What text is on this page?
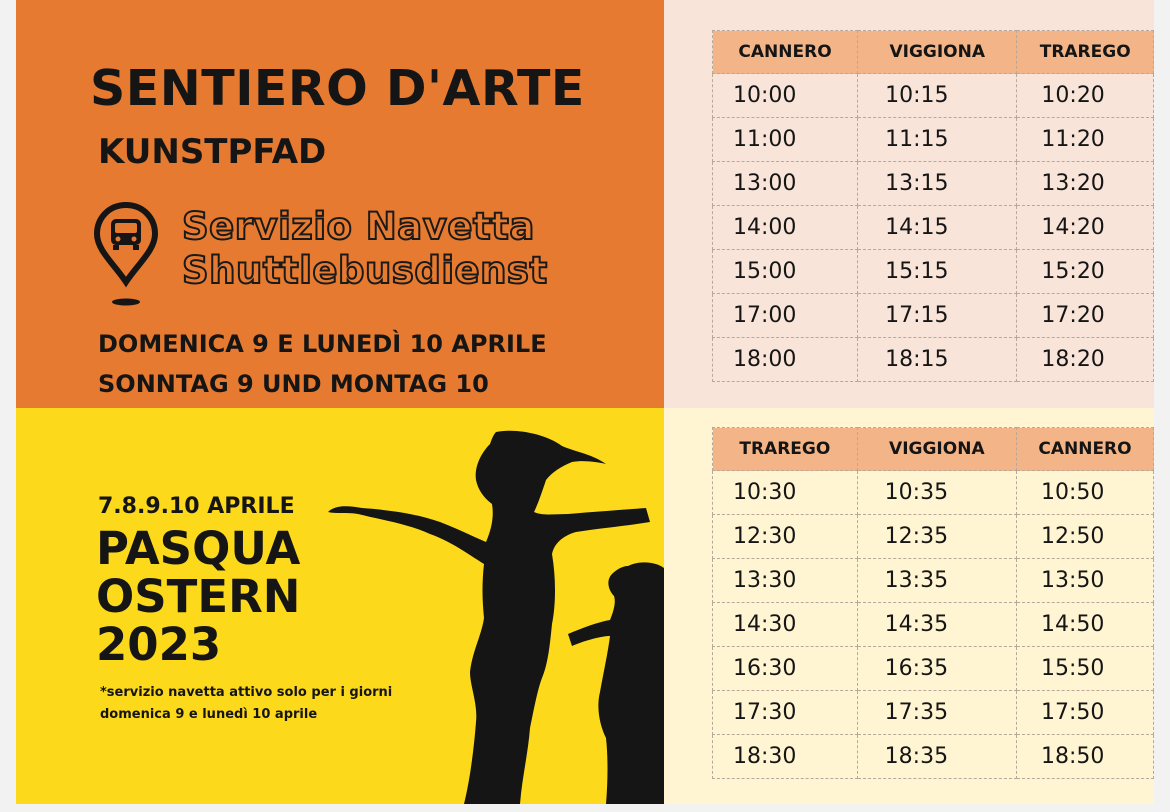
SENTIERO D'ARTE
KUNSTPFAD
Servizio Navetta
Shuttlebusdienst
DOMENICA 9 E LUNEDÌ 10 APRILE
SONNTAG 9 UND MONTAG 10
7.8.9.10 APRILE
PASQUA
OSTERN
2023
*servizio navetta attivo solo per i giorni
domenica 9 e lunedì 10 aprile
CANNERO	VIGGIONA	TRAREGO
10:00	10:15	10:20
11:00	11:15	11:20
13:00	13:15	13:20
14:00	14:15	14:20
15:00	15:15	15:20
17:00	17:15	17:20
18:00	18:15	18:20
TRAREGO	VIGGIONA	CANNERO
10:30	10:35	10:50
12:30	12:35	12:50
13:30	13:35	13:50
14:30	14:35	14:50
16:30	16:35	15:50
17:30	17:35	17:50
18:30	18:35	18:50
